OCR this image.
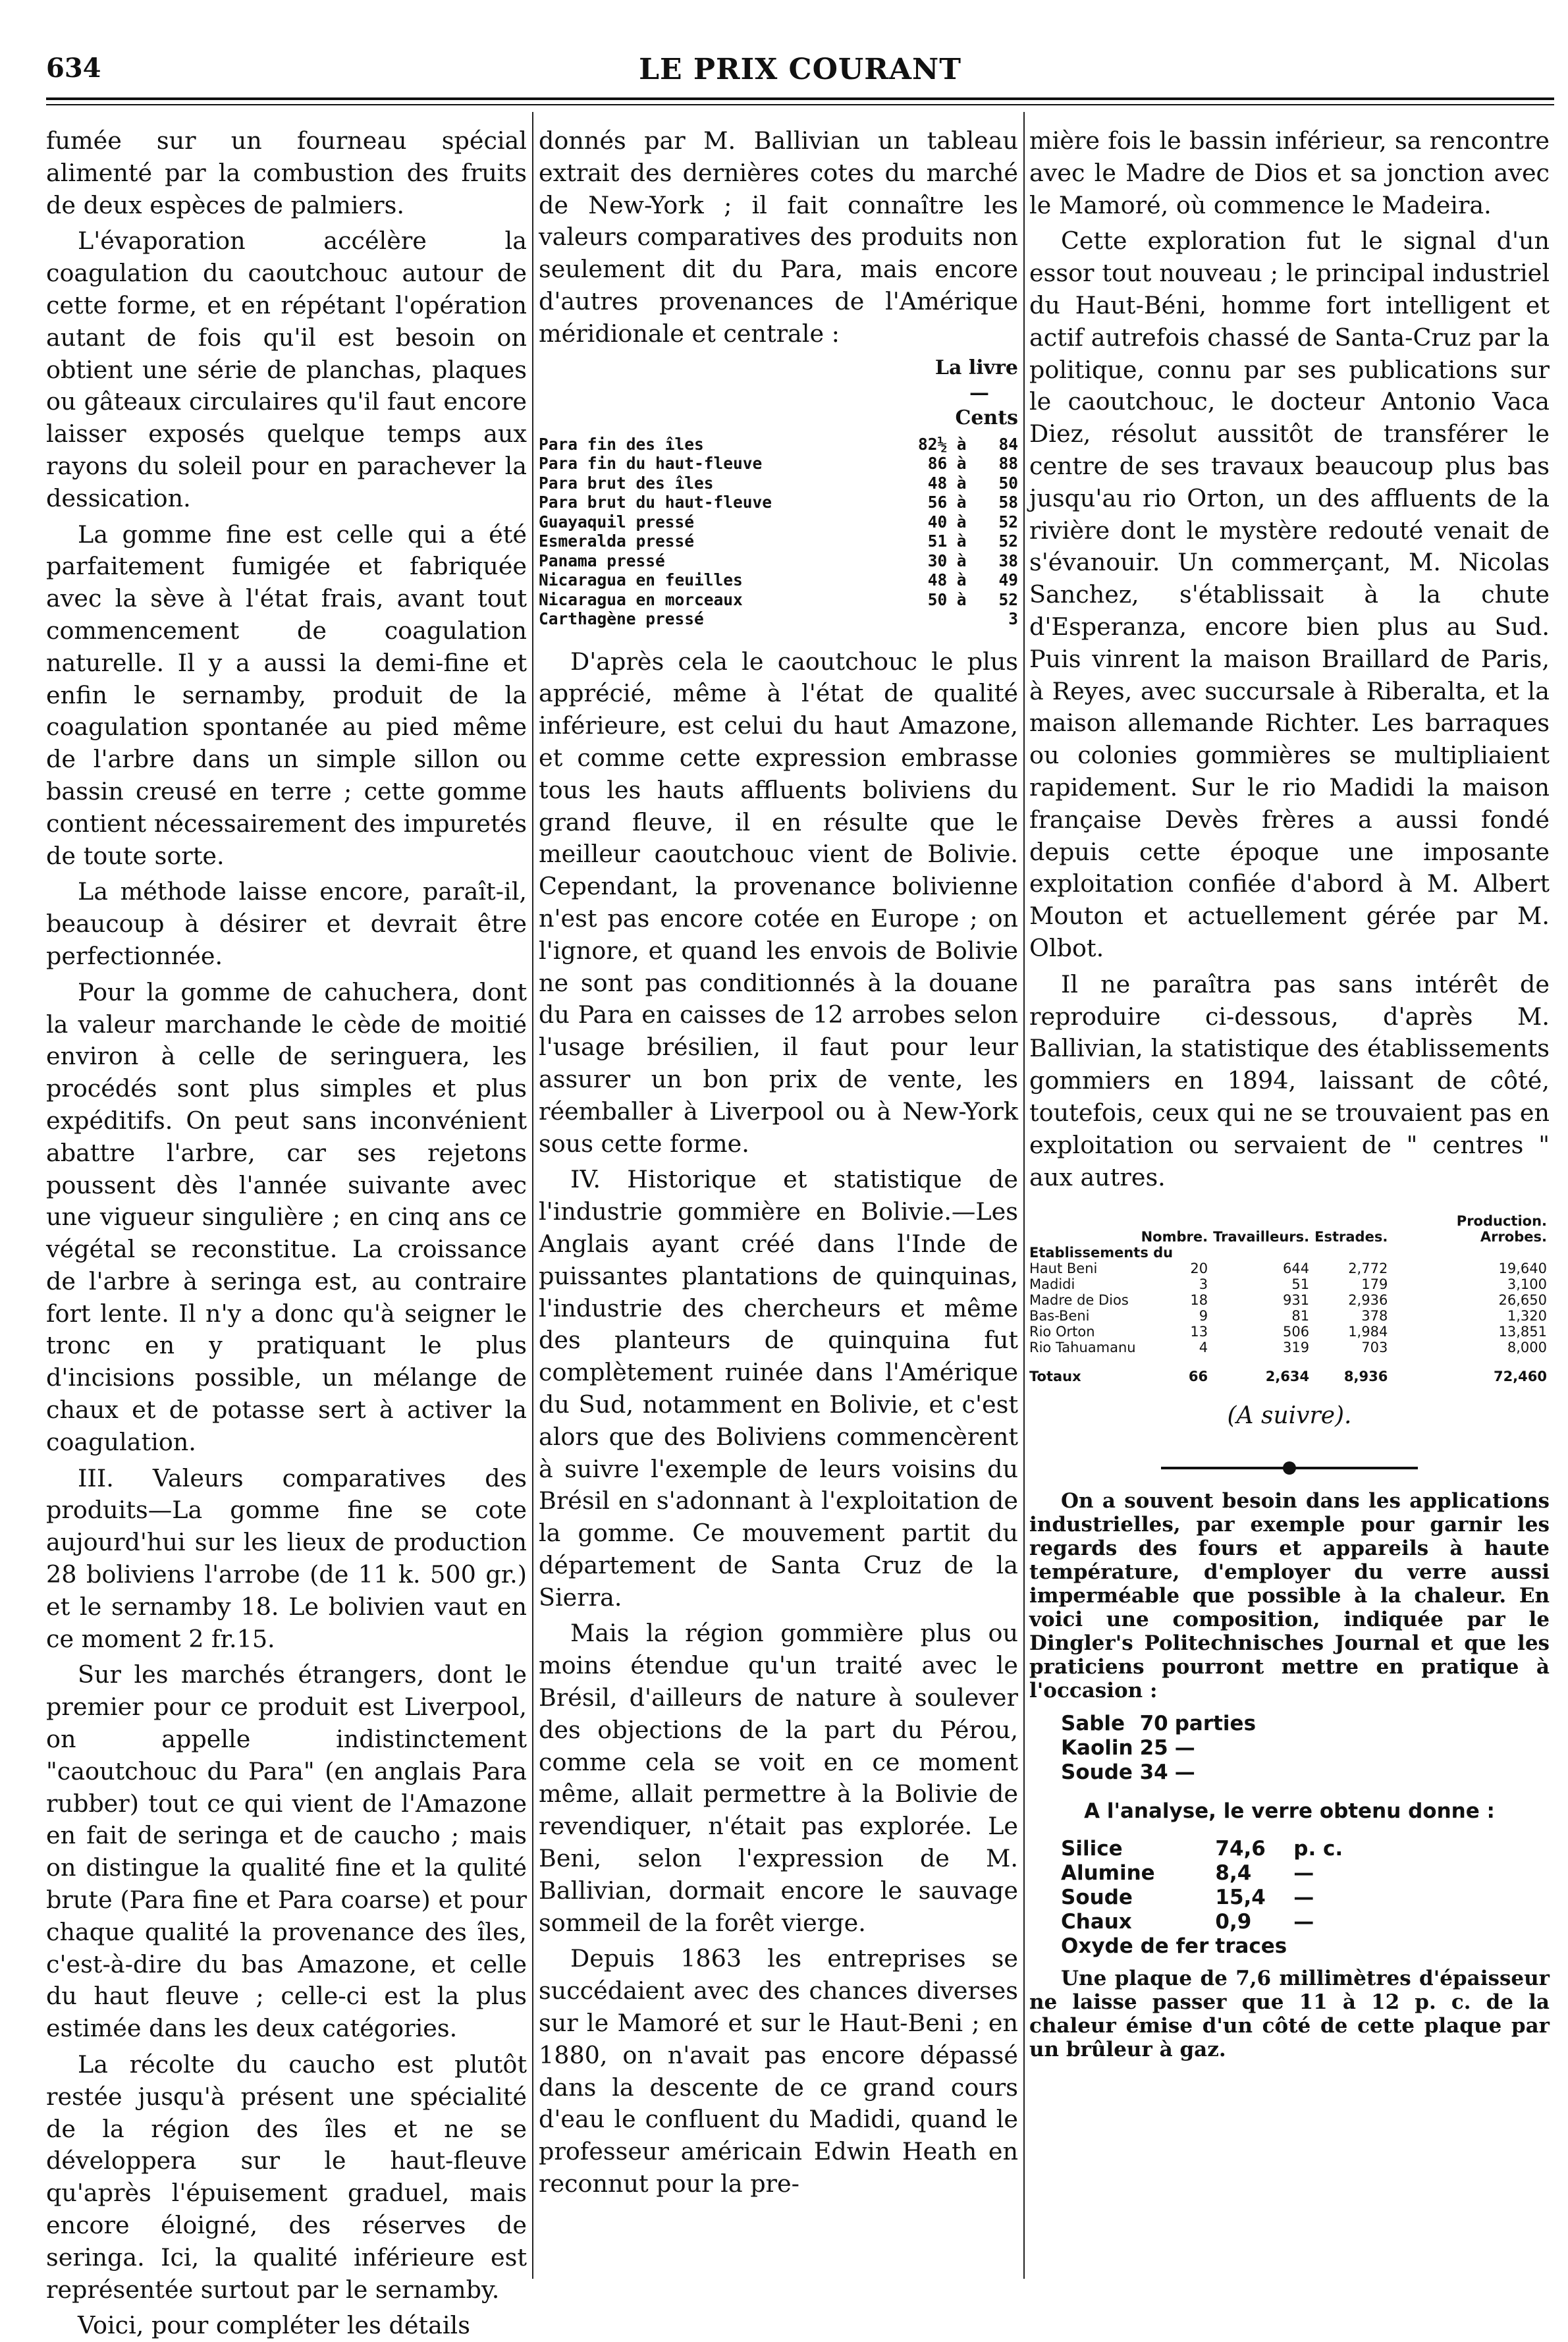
634	LE PRIX COURANT

fumée sur un fourneau spécial alimenté par la combustion des fruits de deux espèces de palmiers.

L'évaporation accélère la coagulation du caoutchouc autour de cette forme, et en répétant l'opération autant de fois qu'il est besoin on obtient une série de planchas, plaques ou gâteaux circulaires qu'il faut encore laisser exposés quelque temps aux rayons du soleil pour en parachever la dessication.

La gomme fine est celle qui a été parfaitement fumigée et fabriquée avec la sève à l'état frais, avant tout commencement de coagulation naturelle. Il y a aussi la demi-fine et enfin le sernamby, produit de la coagulation spontanée au pied même de l'arbre dans un simple sillon ou bassin creusé en terre ; cette gomme contient nécessairement des impuretés de toute sorte.

La méthode laisse encore, paraît-il, beaucoup à désirer et devrait être perfectionnée.

Pour la gomme de cahuchera, dont la valeur marchande le cède de moitié environ à celle de seringuera, les procédés sont plus simples et plus expéditifs. On peut sans inconvénient abattre l'arbre, car ses rejetons poussent dès l'année suivante avec une vigueur singulière ; en cinq ans ce végétal se reconstitue. La croissance de l'arbre à seringa est, au contraire fort lente. Il n'y a donc qu'à seigner le tronc en y pratiquant le plus d'incisions possible, un mélange de chaux et de potasse sert à activer la coagulation.

III. Valeurs comparatives des produits—La gomme fine se cote aujourd'hui sur les lieux de production 28 boliviens l'arrobe (de 11 k. 500 gr.) et le sernamby 18. Le bolivien vaut en ce moment 2 fr.15.

Sur les marchés étrangers, dont le premier pour ce produit est Liverpool, on appelle indistinctement "caoutchouc du Para" (en anglais Para rubber) tout ce qui vient de l'Amazone en fait de seringa et de caucho ; mais on distingue la qualité fine et la qulité brute (Para fine et Para coarse) et pour chaque qualité la provenance des îles, c'est-à-dire du bas Amazone, et celle du haut fleuve ; celle-ci est la plus estimée dans les deux catégories.

La récolte du caucho est plutôt restée jusqu'à présent une spécialité de la région des îles et ne se développera sur le haut-fleuve qu'après l'épuisement graduel, mais encore éloigné, des réserves de seringa. Ici, la qualité inférieure est représentée surtout par le sernamby.

Voici, pour compléter les détails

donnés par M. Ballivian un tableau extrait des dernières cotes du marché de New-York ; il fait connaître les valeurs comparatives des produits non seulement dit du Para, mais encore d'autres provenances de l'Amérique méridionale et centrale :

La livre
—
Cents
Para fin des îles	82½	à	84
Para fin du haut-fleuve	86	à	88
Para brut des îles	48	à	50
Para brut du haut-fleuve	56	à	58
Guayaquil pressé	40	à	52
Esmeralda pressé	51	à	52
Panama pressé	30	à	38
Nicaragua en feuilles	48	à	49
Nicaragua en morceaux	50	à	52
Carthagène pressé			3

D'après cela le caoutchouc le plus apprécié, même à l'état de qualité inférieure, est celui du haut Amazone, et comme cette expression embrasse tous les hauts affluents boliviens du grand fleuve, il en résulte que le meilleur caoutchouc vient de Bolivie. Cependant, la provenance bolivienne n'est pas encore cotée en Europe ; on l'ignore, et quand les envois de Bolivie ne sont pas conditionnés à la douane du Para en caisses de 12 arrobes selon l'usage brésilien, il faut pour leur assurer un bon prix de vente, les réemballer à Liverpool ou à New-York sous cette forme.

IV. Historique et statistique de l'industrie gommière en Bolivie.—Les Anglais ayant créé dans l'Inde de puissantes plantations de quinquinas, l'industrie des chercheurs et même des planteurs de quinquina fut complètement ruinée dans l'Amérique du Sud, notamment en Bolivie, et c'est alors que des Boliviens commencèrent à suivre l'exemple de leurs voisins du Brésil en s'adonnant à l'exploitation de la gomme. Ce mouvement partit du département de Santa Cruz de la Sierra.

Mais la région gommière plus ou moins étendue qu'un traité avec le Brésil, d'ailleurs de nature à soulever des objections de la part du Pérou, comme cela se voit en ce moment même, allait permettre à la Bolivie de revendiquer, n'était pas explorée. Le Beni, selon l'expression de M. Ballivian, dormait encore le sauvage sommeil de la forêt vierge.

Depuis 1863 les entreprises se succédaient avec des chances diverses sur le Mamoré et sur le Haut-Beni ; en 1880, on n'avait pas encore dépassé dans la descente de ce grand cours d'eau le confluent du Madidi, quand le professeur américain Edwin Heath en reconnut pour la pre-

mière fois le bassin inférieur, sa rencontre avec le Madre de Dios et sa jonction avec le Mamoré, où commence le Madeira.

Cette exploration fut le signal d'un essor tout nouveau ; le principal industriel du Haut-Béni, homme fort intelligent et actif autrefois chassé de Santa-Cruz par la politique, connu par ses publications sur le caoutchouc, le docteur Antonio Vaca Diez, résolut aussitôt de transférer le centre de ses travaux beaucoup plus bas jusqu'au rio Orton, un des affluents de la rivière dont le mystère redouté venait de s'évanouir. Un commerçant, M. Nicolas Sanchez, s'établissait à la chute d'Esperanza, encore bien plus au Sud. Puis vinrent la maison Braillard de Paris, à Reyes, avec succursale à Riberalta, et la maison allemande Richter. Les barraques ou colonies gommières se multipliaient rapidement. Sur le rio Madidi la maison française Devès frères a aussi fondé depuis cette époque une imposante exploitation confiée d'abord à M. Albert Mouton et actuellement gérée par M. Olbot.

Il ne paraîtra pas sans intérêt de reproduire ci-dessous, d'après M. Ballivian, la statistique des établissements gommiers en 1894, laissant de côté, toutefois, ceux qui ne se trouvaient pas en exploitation ou servaient de " centres " aux autres.

	Nombre.	Travailleurs.	Estrades.	Production. Arrobes.
Etablissements du				
Haut Beni	20	644	2,772	19,640
Madidi	3	51	179	3,100
Madre de Dios	18	931	2,936	26,650
Bas-Beni	9	81	378	1,320
Rio Orton	13	506	1,984	13,851
Rio Tahuamanu	4	319	703	8,000
Totaux	66	2,634	8,936	72,460
(A suivre).

On a souvent besoin dans les applications industrielles, par exemple pour garnir les regards des fours et appareils à haute température, d'employer du verre aussi imperméable que possible à la chaleur. En voici une composition, indiquée par le Dingler's Politechnisches Journal et que les praticiens pourront mettre en pratique à l'occasion :

Sable	70	parties
Kaolin	25	—
Soude	34	—
A l'analyse, le verre obtenu donne :
Silice	74,6	p. c.
Alumine	8,4	—
Soude	15,4	—
Chaux	0,9	—
Oxyde de fer	traces	

Une plaque de 7,6 millimètres d'épaisseur ne laisse passer que 11 à 12 p. c. de la chaleur émise d'un côté de cette plaque par un brûleur à gaz.
